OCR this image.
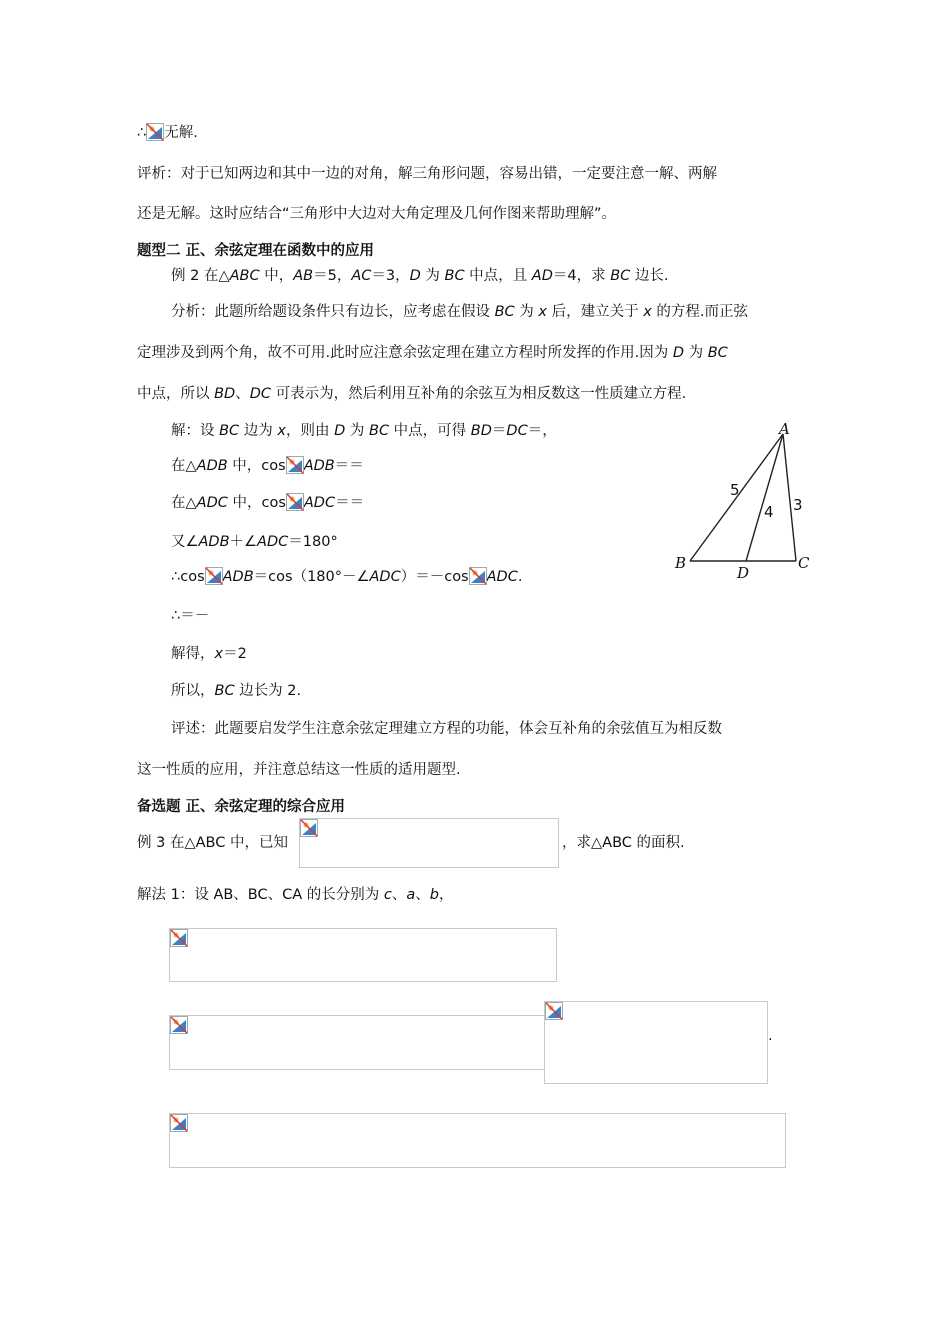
∴ 无解.
评析：对于已知两边和其中一边的对角，解三角形问题，容易出错，一定要注意一解、两解
还是无解。这时应结合“三角形中大边对大角定理及几何作图来帮助理解”。
题型二 正、余弦定理在函数中的应用
例 2 在△ABC 中，AB＝5，AC＝3，D 为 BC 中点，且 AD＝4，求 BC 边长.
分析：此题所给题设条件只有边长，应考虑在假设 BC 为 x 后，建立关于 x 的方程.而正弦
定理涉及到两个角，故不可用.此时应注意余弦定理在建立方程时所发挥的作用.因为 D 为 BC
中点，所以 BD、DC 可表示为，然后利用互补角的余弦互为相反数这一性质建立方程.
解：设 BC 边为 x，则由 D 为 BC 中点，可得 BD＝DC＝，
在△ADB 中，cos ADB＝＝
在△ADC 中，cos ADC＝＝
又∠ADB＋∠ADC＝180°
∴cos ADB＝cos（180°－∠ADC）＝－cos ADC.
∴＝－
解得，x＝2
所以，BC 边长为 2.
评述：此题要启发学生注意余弦定理建立方程的功能，体会互补角的余弦值互为相反数
这一性质的应用，并注意总结这一性质的适用题型.
备选题 正、余弦定理的综合应用
例 3 在△ABC 中，已知	，求△ABC 的面积.
解法 1：设 AB、BC、CA 的长分别为 c、a、b，
.
A
B	C
D
5
4 3
